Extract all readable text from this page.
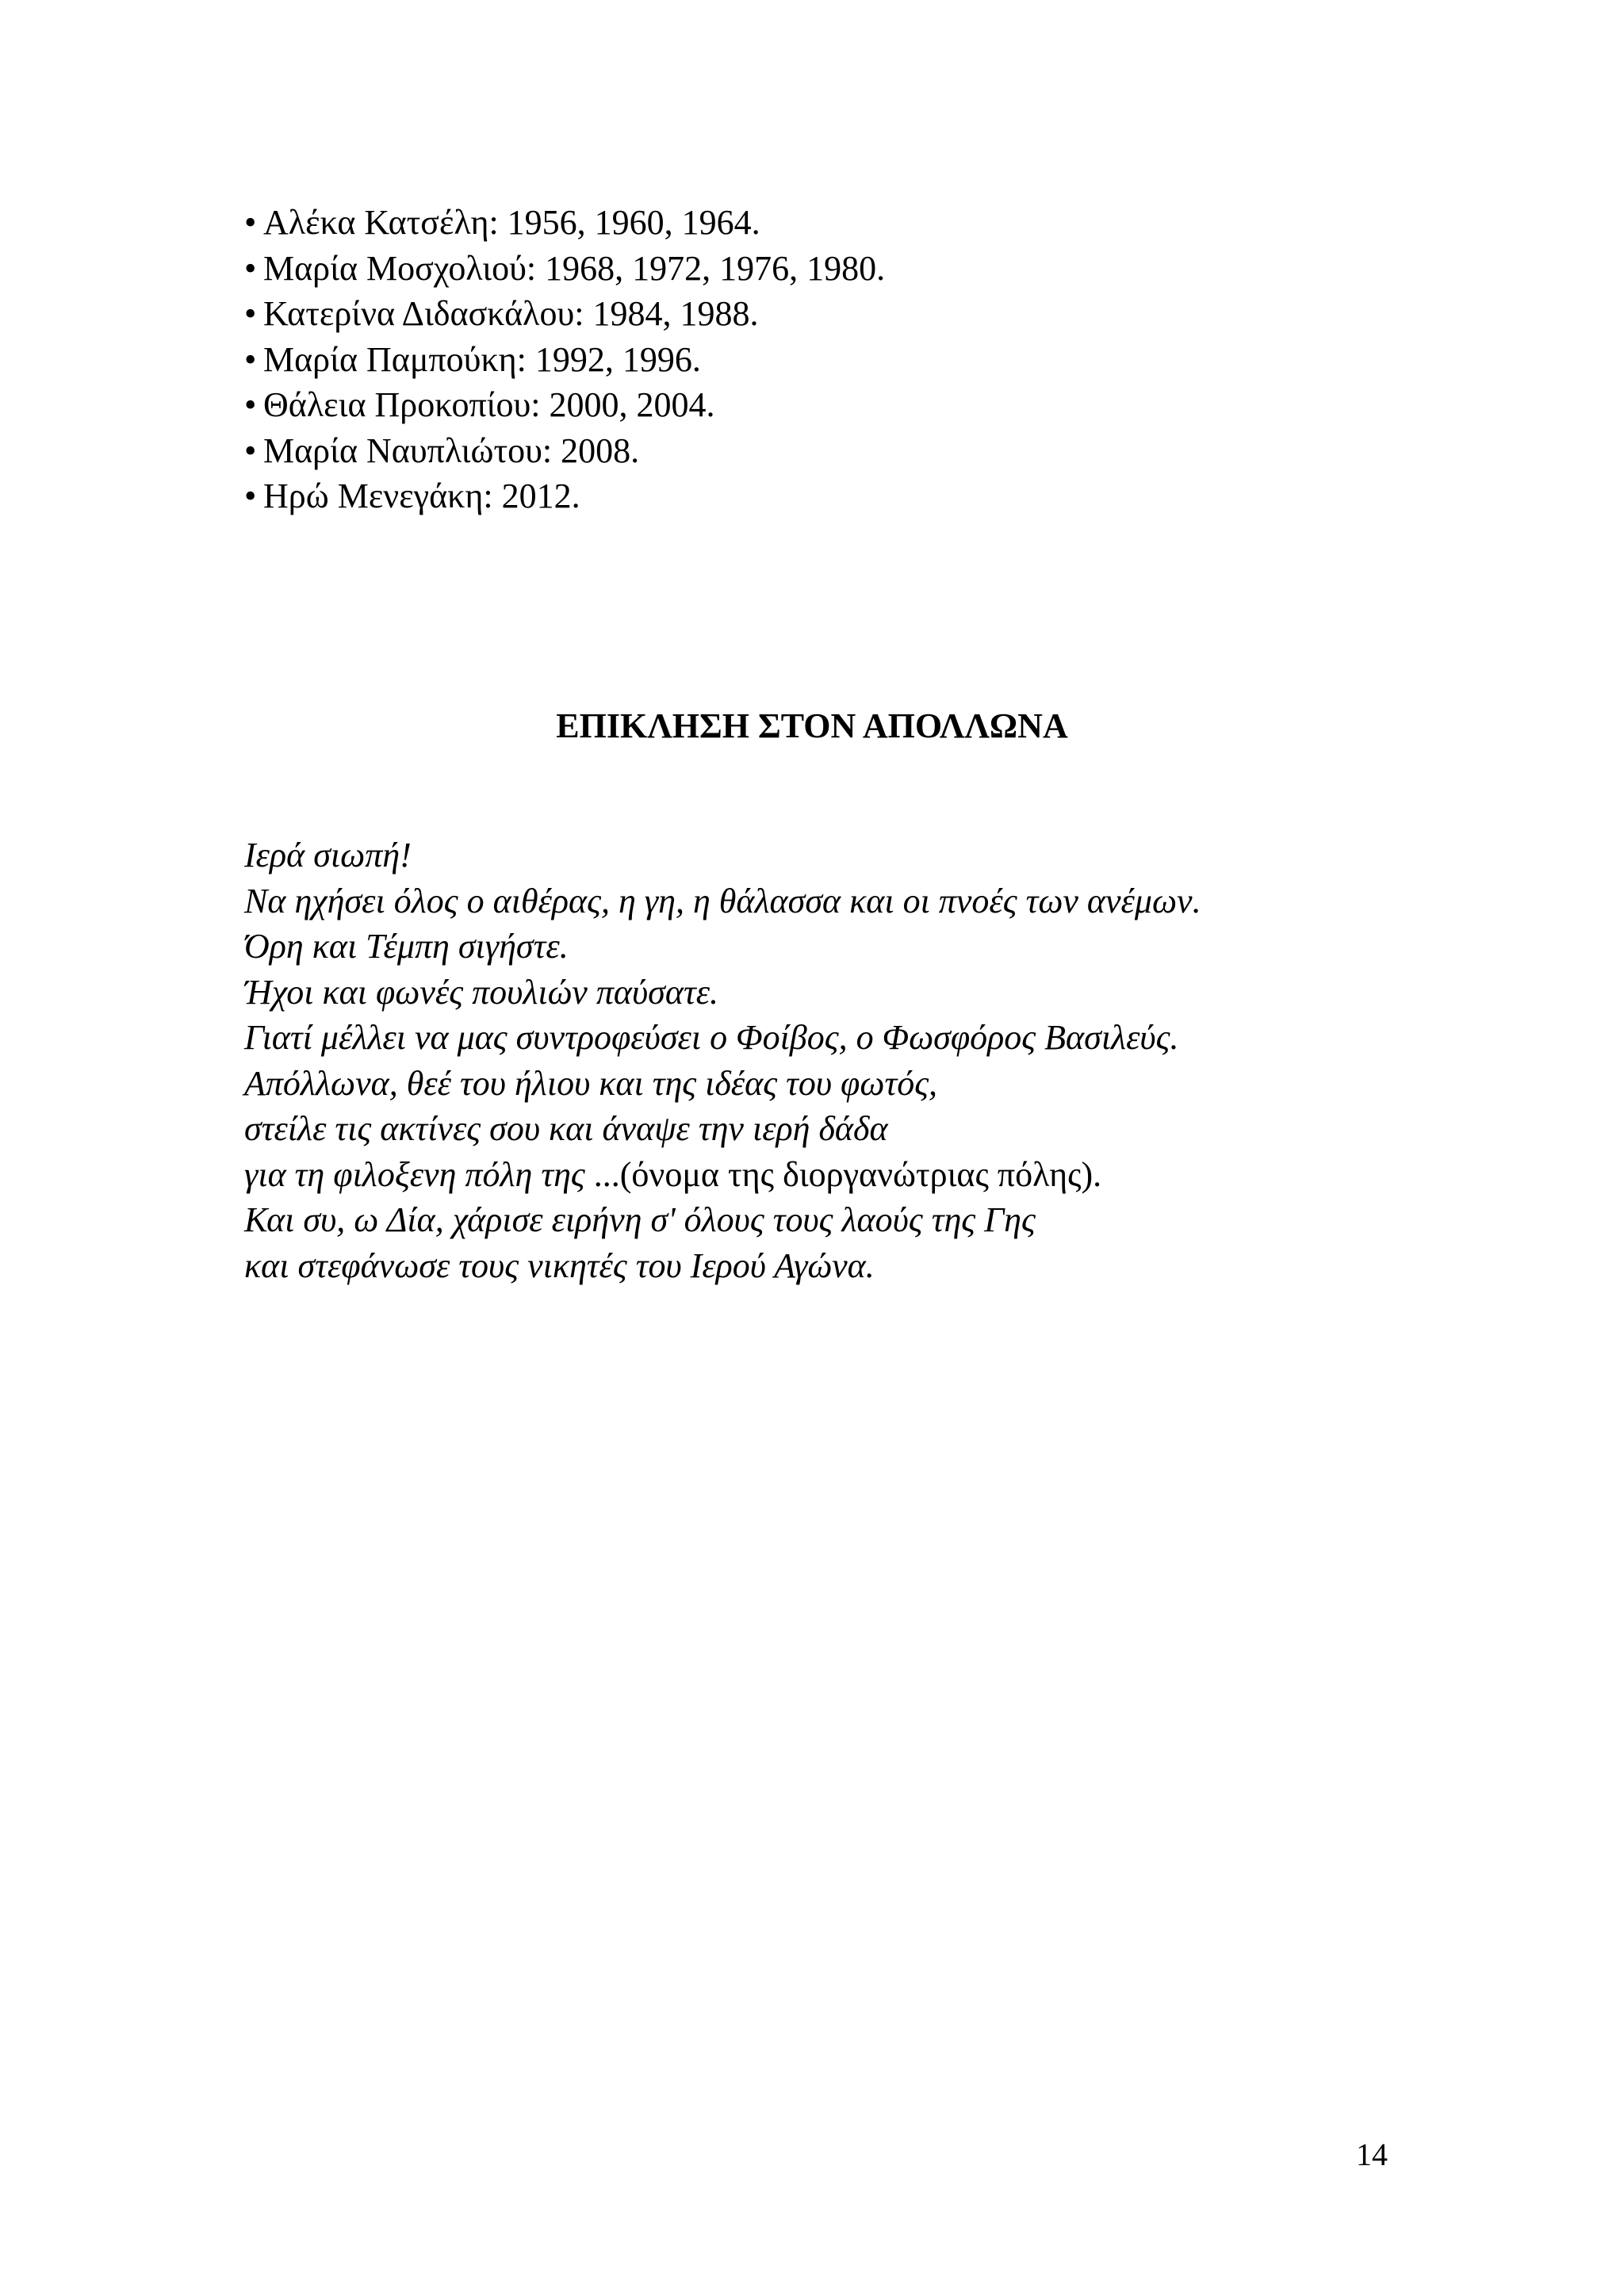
• Αλέκα Κατσέλη: 1956, 1960, 1964.
• Μαρία Μοσχολιού: 1968, 1972, 1976, 1980.
• Κατερίνα Διδασκάλου: 1984, 1988.
• Μαρία Παμπούκη: 1992, 1996.
• Θάλεια Προκοπίου: 2000, 2004.
• Μαρία Ναυπλιώτου: 2008.
• Ηρώ Μενεγάκη: 2012.
ΕΠΙΚΛΗΣΗ ΣΤΟΝ ΑΠΟΛΛΩΝΑ
Ιερά σιωπή!
Να ηχήσει όλος ο αιθέρας, η γη, η θάλασσα και οι πνοές των ανέμων.
Όρη και Τέμπη σιγήστε.
Ήχοι και φωνές πουλιών παύσατε.
Γιατί μέλλει να μας συντροφεύσει ο Φοίβος, ο Φωσφόρος Βασιλεύς.
Απόλλωνα, θεέ του ήλιου και της ιδέας του φωτός,
στείλε τις ακτίνες σου και άναψε την ιερή δάδα
για τη φιλοξενη πόλη της ...(όνομα της διοργανώτριας πόλης).
Και συ, ω Δία, χάρισε ειρήνη σ' όλους τους λαούς της Γης
και στεφάνωσε τους νικητές του Ιερού Αγώνα.
14
